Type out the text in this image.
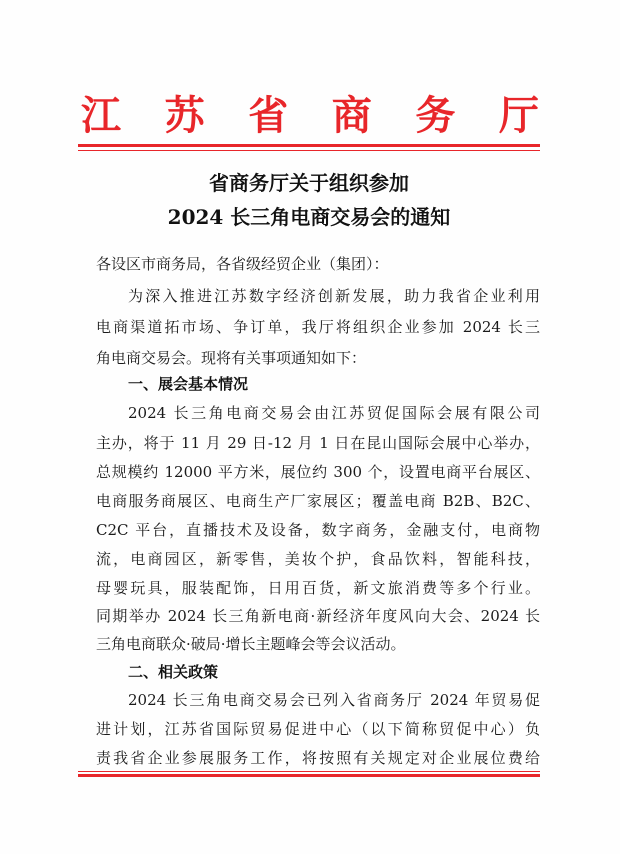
江 苏 省 商 务 厅
省商务厅关于组织参加
2024 长三角电商交易会的通知
各设区市商务局，各省级经贸企业（集团）：
为深入推进江苏数字经济创新发展，助力我省企业利用
电商渠道拓市场、争订单，我厅将组织企业参加 2024 长三
角电商交易会。现将有关事项通知如下：
一、展会基本情况
2024 长三角电商交易会由江苏贸促国际会展有限公司
主办，将于 11 月 29 日-12 月 1 日在昆山国际会展中心举办，
总规模约 12000 平方米，展位约 300 个，设置电商平台展区、
电商服务商展区、电商生产厂家展区；覆盖电商 B2B、B2C、
C2C 平台，直播技术及设备，数字商务，金融支付，电商物
流，电商园区，新零售，美妆个护，食品饮料，智能科技，
母婴玩具，服装配饰，日用百货，新文旅消费等多个行业。
同期举办 2024 长三角新电商·新经济年度风向大会、2024 长
三角电商联众·破局·增长主题峰会等会议活动。
二、相关政策
2024 长三角电商交易会已列入省商务厅 2024 年贸易促
进计划，江苏省国际贸易促进中心（以下简称贸促中心）负
责我省企业参展服务工作，将按照有关规定对企业展位费给
